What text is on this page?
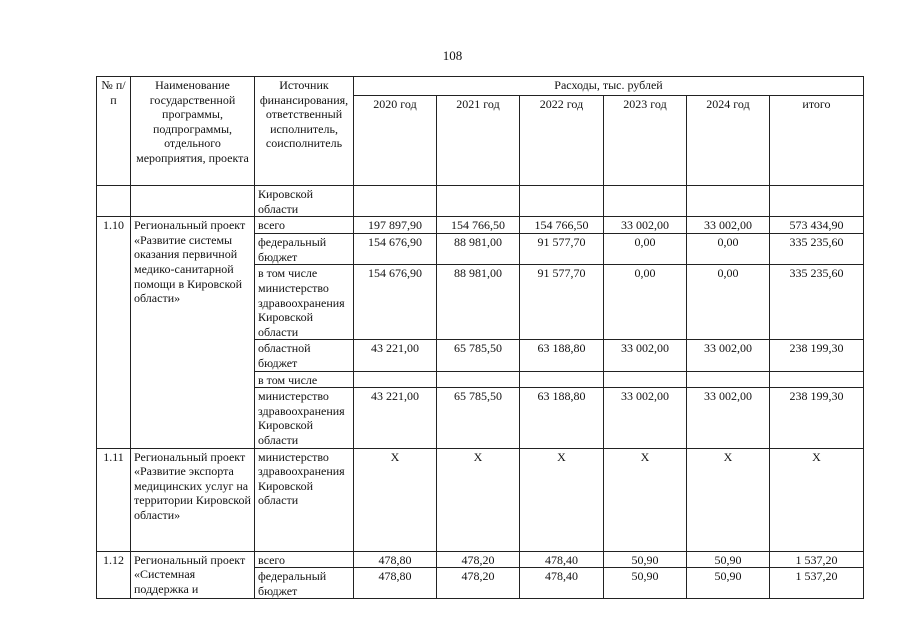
108
№ п/п	Наименование государственной программы, подпрограммы, отдельного мероприятия, проекта	Источник финансирования, ответственный исполнитель, соисполнитель	Расходы, тыс. рублей					
			2020 год	2021 год	2022 год	2023 год	2024 год	итого
		Кировской области						
1.10	Региональный проект «Развитие системы оказания первичной медико-санитарной помощи в Кировской области»	всего	197 897,90	154 766,50	154 766,50	33 002,00	33 002,00	573 434,90
		федеральный бюджет	154 676,90	88 981,00	91 577,70	0,00	0,00	335 235,60
		в том числе министерство здравоохранения Кировской области	154 676,90	88 981,00	91 577,70	0,00	0,00	335 235,60
		областной бюджет	43 221,00	65 785,50	63 188,80	33 002,00	33 002,00	238 199,30
		в том числе						
		министерство здравоохранения Кировской области	43 221,00	65 785,50	63 188,80	33 002,00	33 002,00	238 199,30
1.11	Региональный проект «Развитие экспорта медицинских услуг на территории Кировской области»	министерство здравоохранения Кировской области	X	X	X	X	X	X
1.12	Региональный проект «Системная поддержка и	всего	478,80	478,20	478,40	50,90	50,90	1 537,20
		федеральный бюджет	478,80	478,20	478,40	50,90	50,90	1 537,20
